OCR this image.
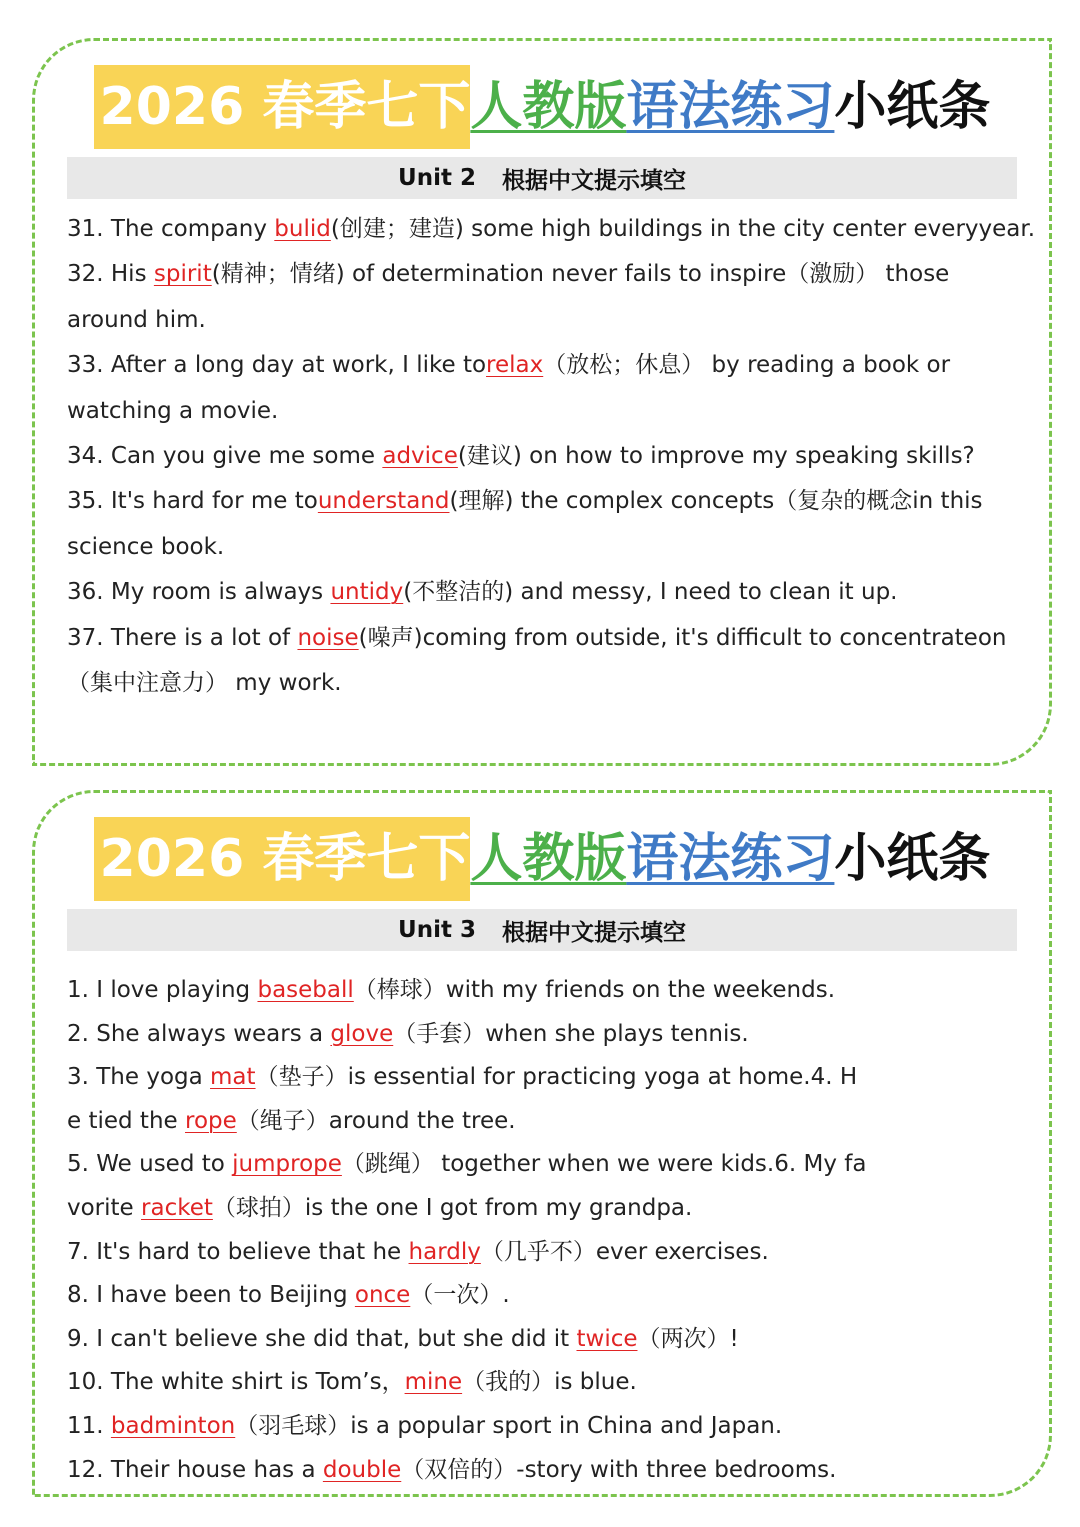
2026 春季七下 人教版 语法练习 小纸条
Unit 2 根据中文提示填空
31. The company bulid(创建；建造) some high buildings in the city center everyyear.
32. His spirit(精神；情绪) of determination never fails to inspire（激励） those
around him.
33. After a long day at work, I like torelax（放松；休息） by reading a book or
watching a movie.
34. Can you give me some advice(建议) on how to improve my speaking skills?
35. It's hard for me tounderstand(理解) the complex concepts（复杂的概念in this
science book.
36. My room is always untidy(不整洁的) and messy, I need to clean it up.
37. There is a lot of noise(噪声)coming from outside, it's difficult to concentrateon
（集中注意力） my work.
2026 春季七下 人教版 语法练习 小纸条
Unit 3 根据中文提示填空
1. I love playing baseball（棒球）with my friends on the weekends.
2. She always wears a glove（手套）when she plays tennis.
3. The yoga mat（垫子）is essential for practicing yoga at home.4. H
e tied the rope（绳子）around the tree.
5. We used to jumprope（跳绳） together when we were kids.6. My fa
vorite racket（球拍）is the one I got from my grandpa.
7. It's hard to believe that he hardly（几乎不）ever exercises.
8. I have been to Beijing once（一次）.
9. I can't believe she did that, but she did it twice（两次）!
10. The white shirt is Tom’s，mine（我的）is blue.
11. badminton（羽毛球）is a popular sport in China and Japan.
12. Their house has a double（双倍的）-story with three bedrooms.
